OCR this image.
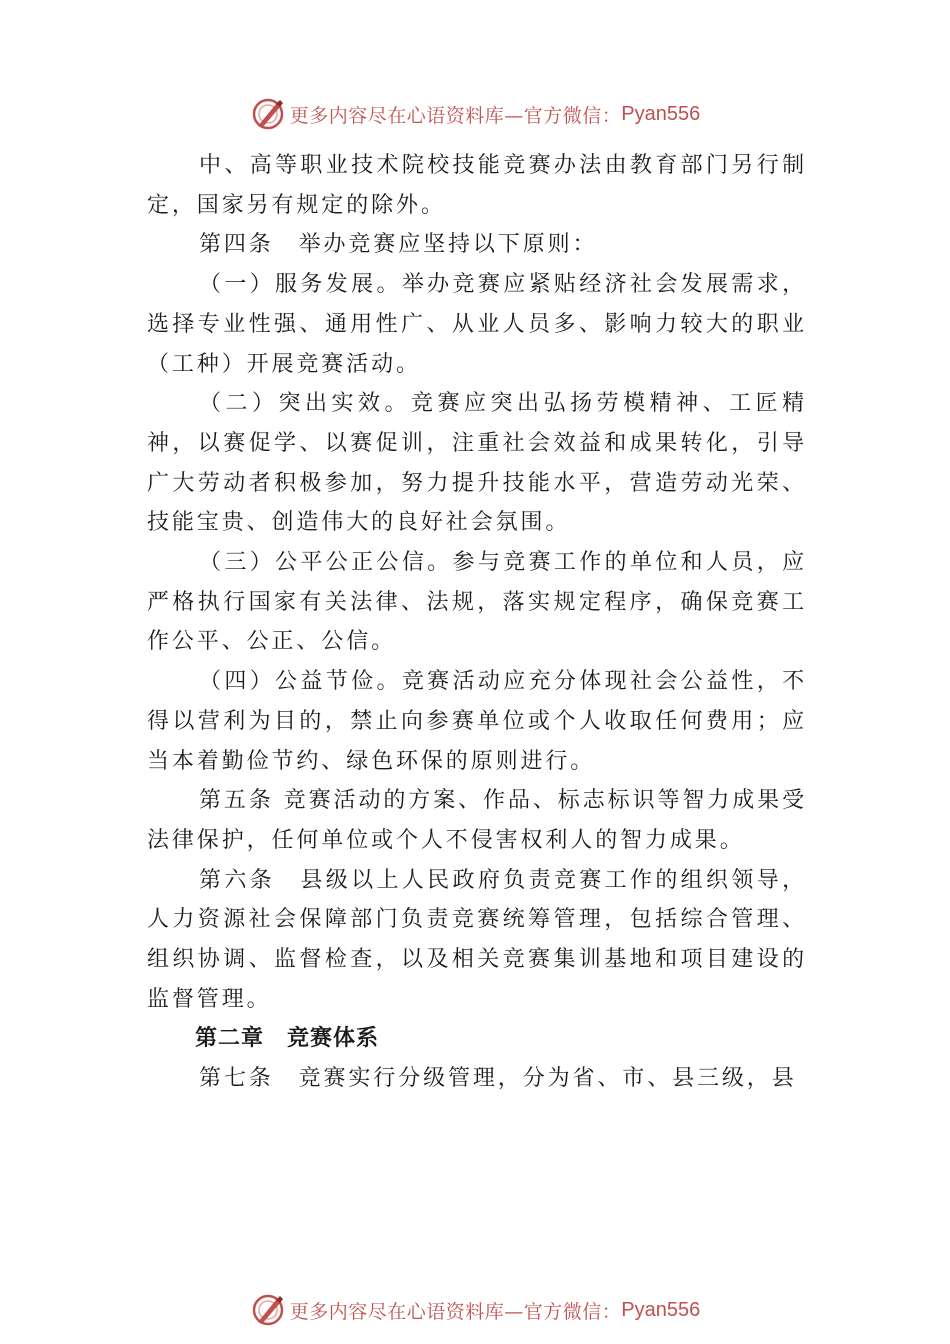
更多内容尽在心语资料库—官方微信： Pyan556

中、高等职业技术院校技能竞赛办法由教育部门另行制定，国家另有规定的除外。

第四条　举办竞赛应坚持以下原则：

（一）服务发展。举办竞赛应紧贴经济社会发展需求，选择专业性强、通用性广、从业人员多、影响力较大的职业（工种）开展竞赛活动。

（二）突出实效。竞赛应突出弘扬劳模精神、工匠精神，以赛促学、以赛促训，注重社会效益和成果转化，引导广大劳动者积极参加，努力提升技能水平，营造劳动光荣、技能宝贵、创造伟大的良好社会氛围。

（三）公平公正公信。参与竞赛工作的单位和人员，应严格执行国家有关法律、法规，落实规定程序，确保竞赛工作公平、公正、公信。

（四）公益节俭。竞赛活动应充分体现社会公益性，不得以营利为目的，禁止向参赛单位或个人收取任何费用；应当本着勤俭节约、绿色环保的原则进行。

第五条 竞赛活动的方案、作品、标志标识等智力成果受法律保护，任何单位或个人不侵害权利人的智力成果。

第六条　县级以上人民政府负责竞赛工作的组织领导，人力资源社会保障部门负责竞赛统筹管理，包括综合管理、组织协调、监督检查，以及相关竞赛集训基地和项目建设的监督管理。

第二章　竞赛体系

第七条　竞赛实行分级管理，分为省、市、县三级，县

更多内容尽在心语资料库—官方微信： Pyan556
